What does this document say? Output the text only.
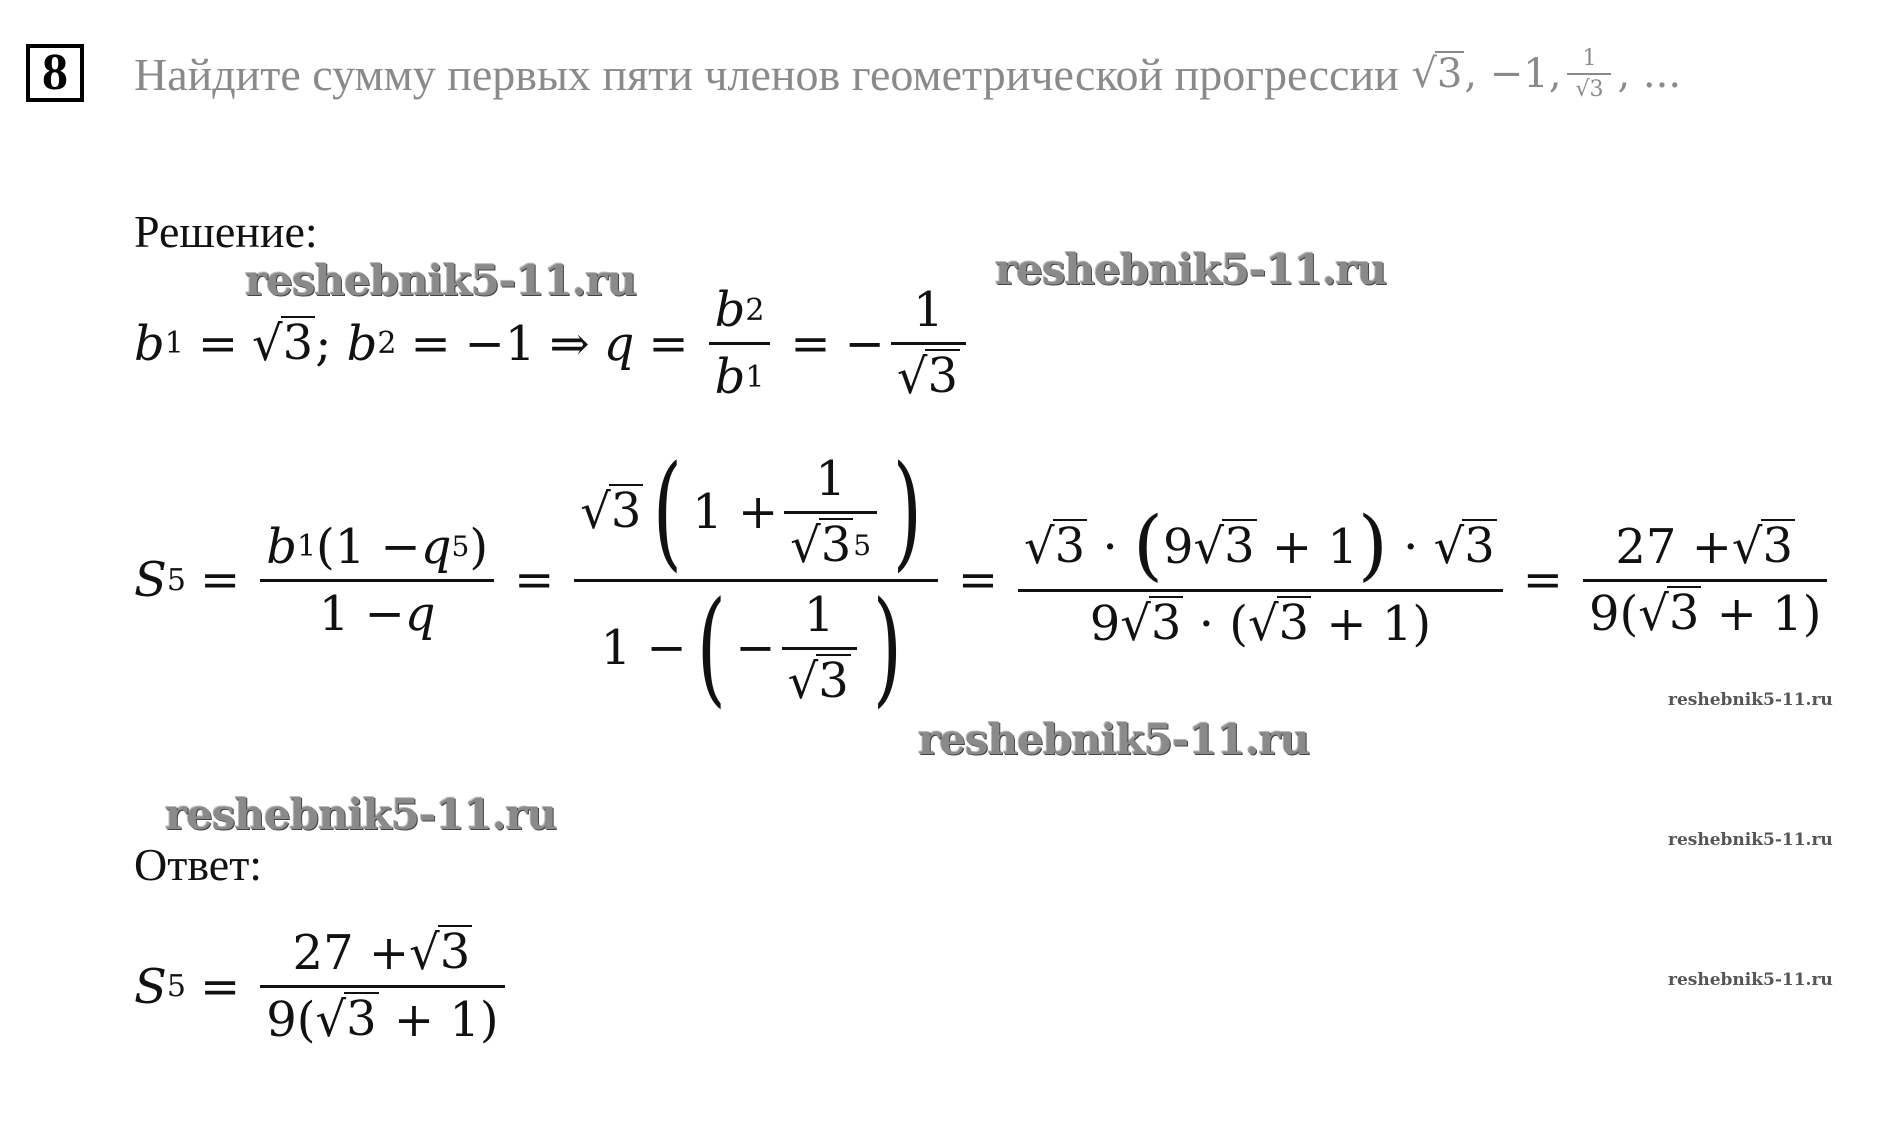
8	Найдите сумму первых пяти членов геометрической прогрессии
√ 3 , −1, $\frac{1}{√3}$ , ...
Решение:
b 1 = √ 3 ; b 2 = −1 ⇒ $q = \frac{b 2}{b 1}$ = − $\frac{1}{√ 3}$
S $5 = \frac{b 1 (1 - q 5 )}{1 - q} = \frac{√ 3 ( 1 + \frac{1}{√ 3 5} )}{1 - ( - \frac{1}{√ 3} )} = \frac{√ 3 \cdot ( 9 √ 3 + 1 ) \cdot √ 3}{9 √ 3 \cdot ( √ 3 + 1)} = \frac{27 + √ 3}{9( √ 3 + 1)}$
Ответ:
S $5 = \frac{27 + √ 3}{9( √ 3 + 1)}$
reshebnik5-11.ru	reshebnik5-11.ru
reshebnik5-11.ru
reshebnik5-11.ru
reshebnik5-11.ru
reshebnik5-11.ru
reshebnik5-11.ru
